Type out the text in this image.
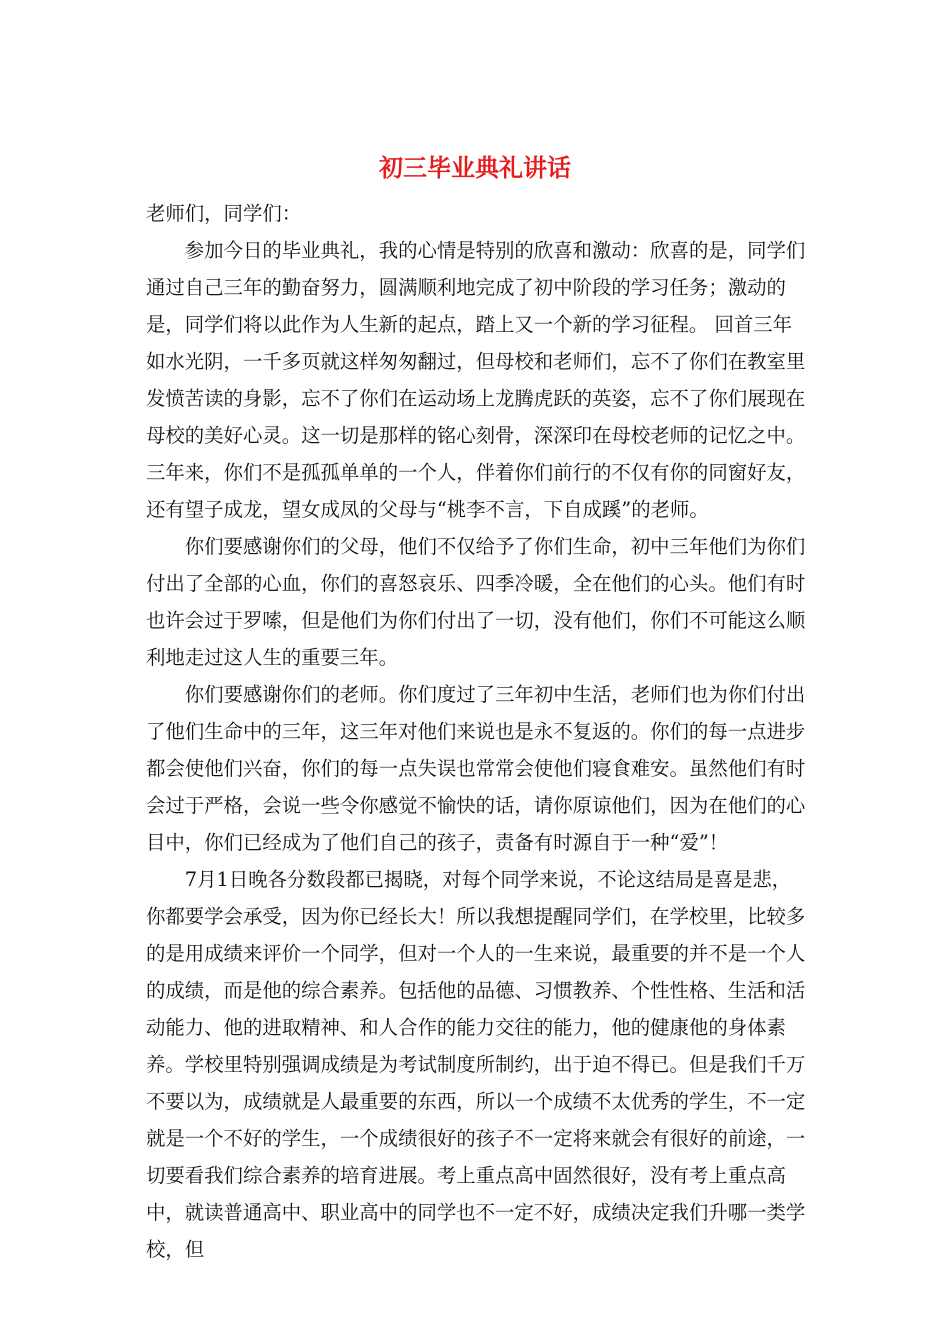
初三毕业典礼讲话

老师们，同学们：

参加今日的毕业典礼，我的心情是特别的欣喜和激动：欣喜的是，同学们通过自己三年的勤奋努力，圆满顺利地完成了初中阶段的学习任务；激动的是，同学们将以此作为人生新的起点，踏上又一个新的学习征程。 回首三年如水光阴，一千多页就这样匆匆翻过，但母校和老师们，忘不了你们在教室里发愤苦读的身影，忘不了你们在运动场上龙腾虎跃的英姿，忘不了你们展现在母校的美好心灵。这一切是那样的铭心刻骨，深深印在母校老师的记忆之中。三年来，你们不是孤孤单单的一个人，伴着你们前行的不仅有你的同窗好友，还有望子成龙，望女成凤的父母与“桃李不言，下自成蹊”的老师。

你们要感谢你们的父母，他们不仅给予了你们生命，初中三年他们为你们付出了全部的心血，你们的喜怒哀乐、四季冷暖，全在他们的心头。他们有时也许会过于罗嗦，但是他们为你们付出了一切，没有他们，你们不可能这么顺利地走过这人生的重要三年。

你们要感谢你们的老师。你们度过了三年初中生活，老师们也为你们付出了他们生命中的三年，这三年对他们来说也是永不复返的。你们的每一点进步都会使他们兴奋，你们的每一点失误也常常会使他们寝食难安。虽然他们有时会过于严格，会说一些令你感觉不愉快的话，请你原谅他们，因为在他们的心目中，你们已经成为了他们自己的孩子，责备有时源自于一种“爱”！

7月1日晚各分数段都已揭晓，对每个同学来说，不论这结局是喜是悲，你都要学会承受，因为你已经长大！所以我想提醒同学们，在学校里，比较多的是用成绩来评价一个同学，但对一个人的一生来说，最重要的并不是一个人的成绩，而是他的综合素养。包括他的品德、习惯教养、个性性格、生活和活动能力、他的进取精神、和人合作的能力交往的能力，他的健康他的身体素养。学校里特别强调成绩是为考试制度所制约，出于迫不得已。但是我们千万不要以为，成绩就是人最重要的东西，所以一个成绩不太优秀的学生，不一定就是一个不好的学生，一个成绩很好的孩子不一定将来就会有很好的前途，一切要看我们综合素养的培育进展。考上重点高中固然很好，没有考上重点高中，就读普通高中、职业高中的同学也不一定不好，成绩决定我们升哪一类学校，但
